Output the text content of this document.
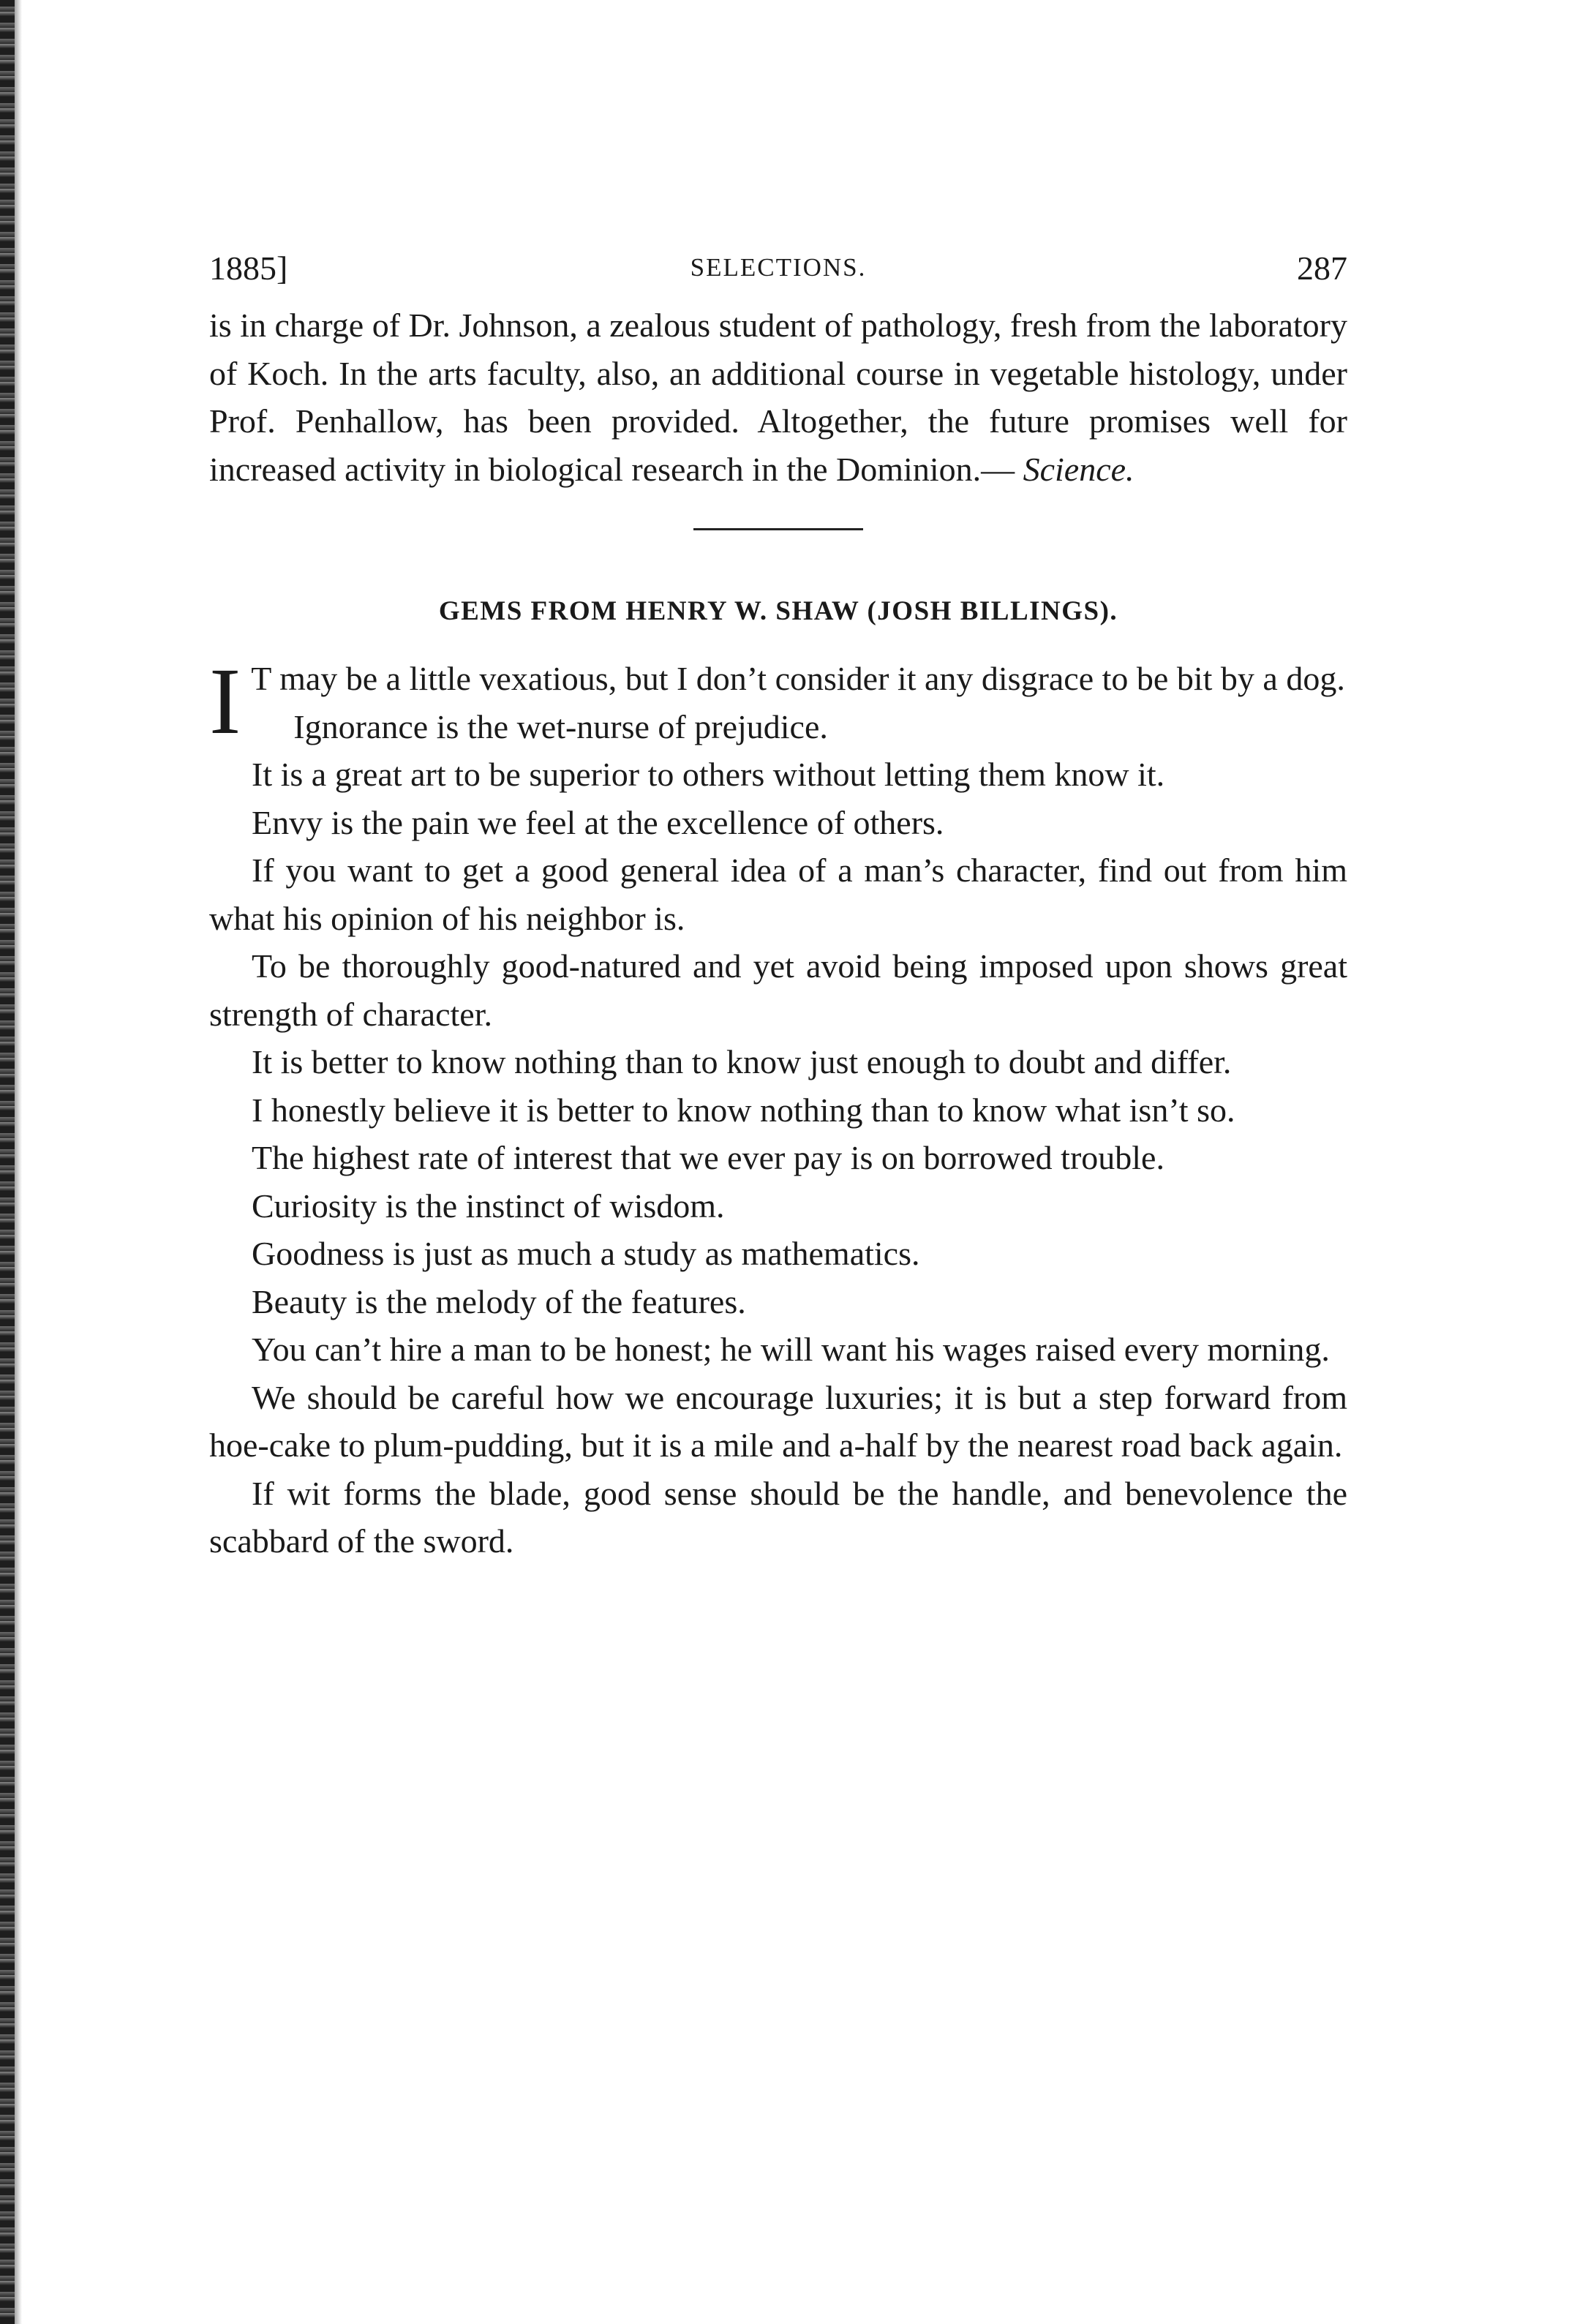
1885]	SELECTIONS.	287

is in charge of Dr. Johnson, a zealous student of pathology, fresh from the laboratory of Koch. In the arts faculty, also, an additional course in vegetable histology, under Prof. Penhallow, has been provided. Altogether, the future promises well for increased activity in biological research in the Dominion.— Science.

GEMS FROM HENRY W. SHAW (JOSH BILLINGS).

I T may be a little vexatious, but I don’t consider it any disgrace to be bit by a dog.

Ignorance is the wet-nurse of prejudice.

It is a great art to be superior to others without letting them know it.

Envy is the pain we feel at the excellence of others.

If you want to get a good general idea of a man’s character, find out from him what his opinion of his neighbor is.

To be thoroughly good-natured and yet avoid being imposed upon shows great strength of character.

It is better to know nothing than to know just enough to doubt and differ.

I honestly believe it is better to know nothing than to know what isn’t so.

The highest rate of interest that we ever pay is on borrowed trouble.

Curiosity is the instinct of wisdom.

Goodness is just as much a study as mathematics.

Beauty is the melody of the features.

You can’t hire a man to be honest; he will want his wages raised every morning.

We should be careful how we encourage luxuries; it is but a step forward from hoe-cake to plum-pudding, but it is a mile and a-half by the nearest road back again.

If wit forms the blade, good sense should be the handle, and benevolence the scabbard of the sword.
